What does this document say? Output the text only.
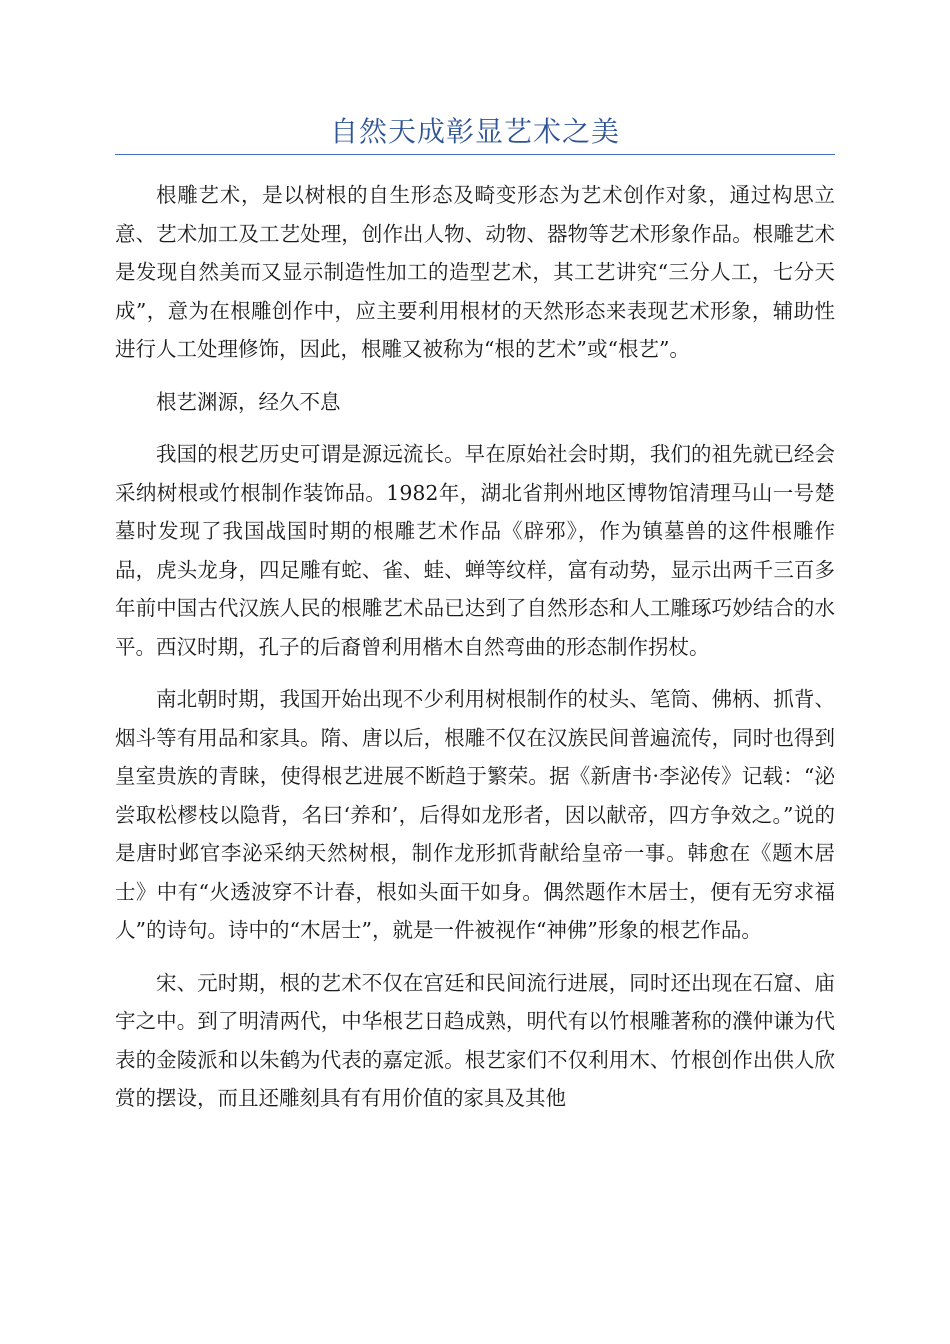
自然天成彰显艺术之美

根雕艺术，是以树根的自生形态及畸变形态为艺术创作对象，通过构思立意、艺术加工及工艺处理，创作出人物、动物、器物等艺术形象作品。根雕艺术是发现自然美而又显示制造性加工的造型艺术，其工艺讲究“三分人工，七分天成”，意为在根雕创作中，应主要利用根材的天然形态来表现艺术形象，辅助性进行人工处理修饰，因此，根雕又被称为“根的艺术”或“根艺”。

根艺渊源，经久不息

我国的根艺历史可谓是源远流长。早在原始社会时期，我们的祖先就已经会采纳树根或竹根制作装饰品。1982年，湖北省荆州地区博物馆清理马山一号楚墓时发现了我国战国时期的根雕艺术作品《辟邪》，作为镇墓兽的这件根雕作品，虎头龙身，四足雕有蛇、雀、蛙、蝉等纹样，富有动势，显示出两千三百多年前中国古代汉族人民的根雕艺术品已达到了自然形态和人工雕琢巧妙结合的水平。西汉时期，孔子的后裔曾利用楷木自然弯曲的形态制作拐杖。

南北朝时期，我国开始出现不少利用树根制作的杖头、笔筒、佛柄、抓背、烟斗等有用品和家具。隋、唐以后，根雕不仅在汉族民间普遍流传，同时也得到皇室贵族的青睐，使得根艺进展不断趋于繁荣。据《新唐书·李泌传》记载：“泌尝取松樛枝以隐背，名曰‘养和’，后得如龙形者，因以献帝，四方争效之。”说的是唐时邺官李泌采纳天然树根，制作龙形抓背献给皇帝一事。韩愈在《题木居士》中有“火透波穿不计春，根如头面干如身。偶然题作木居士，便有无穷求福人”的诗句。诗中的“木居士”，就是一件被视作“神佛”形象的根艺作品。

宋、元时期，根的艺术不仅在宫廷和民间流行进展，同时还出现在石窟、庙宇之中。到了明清两代，中华根艺日趋成熟，明代有以竹根雕著称的濮仲谦为代表的金陵派和以朱鹤为代表的嘉定派。根艺家们不仅利用木、竹根创作出供人欣赏的摆设，而且还雕刻具有有用价值的家具及其他
